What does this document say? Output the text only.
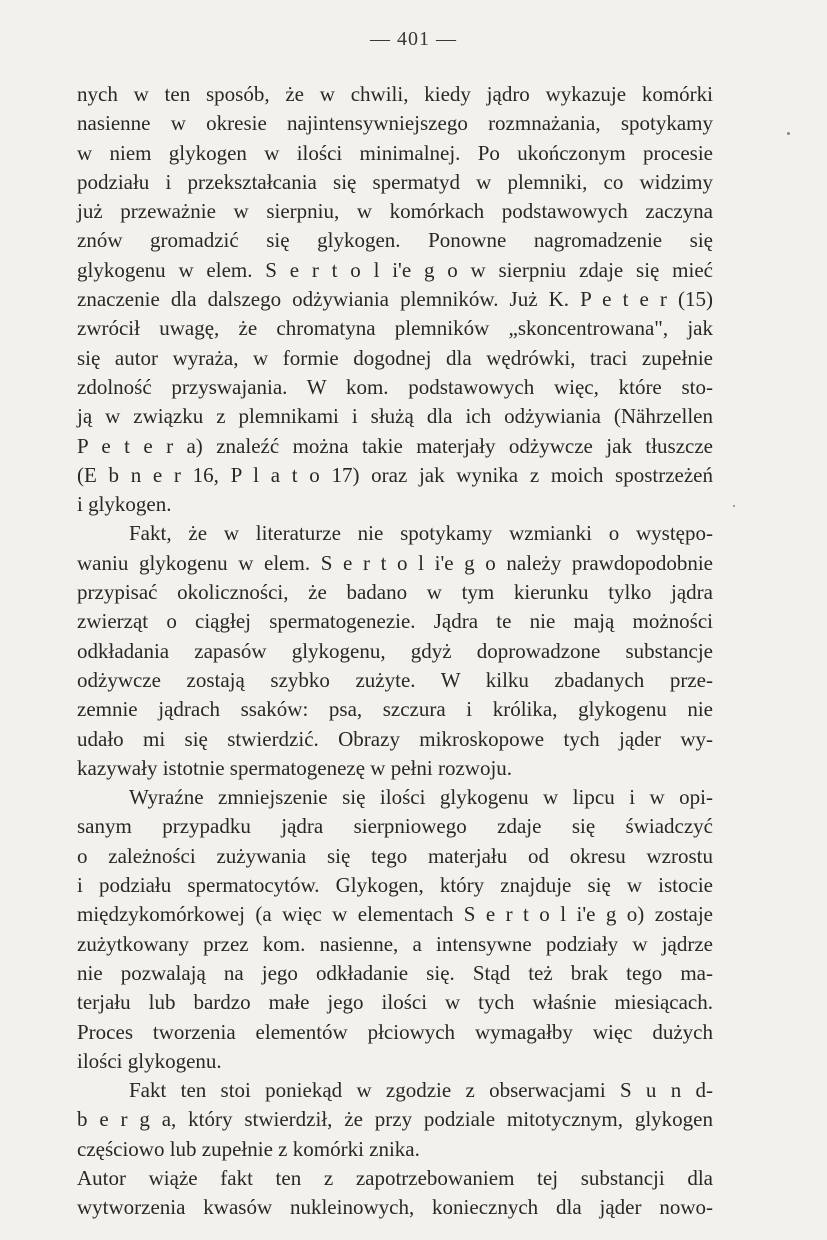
— 401 —
nych w ten sposób, że w chwili, kiedy jądro wykazuje komórki
nasienne w okresie najintensywniejszego rozmnażania, spotykamy
w niem glykogen w ilości minimalnej. Po ukończonym procesie
podziału i przekształcania się spermatyd w plemniki, co widzimy
już przeważnie w sierpniu, w komórkach podstawowych zaczyna
znów gromadzić się glykogen. Ponowne nagromadzenie się
glykogenu w elem. S e r t o l i'e g o w sierpniu zdaje się mieć
znaczenie dla dalszego odżywiania plemników. Już K. P e t e r (15)
zwrócił uwagę, że chromatyna plemników „skoncentrowana", jak
się autor wyraża, w formie dogodnej dla wędrówki, traci zupełnie
zdolność przyswajania. W kom. podstawowych więc, które sto-
ją w związku z plemnikami i służą dla ich odżywiania (Nährzellen
P e t e r a) znaleźć można takie materjały odżywcze jak tłuszcze
(E b n e r 16, P l a t o 17) oraz jak wynika z moich spostrzeżeń
i glykogen.
Fakt, że w literaturze nie spotykamy wzmianki o występo-
waniu glykogenu w elem. S e r t o l i'e g o należy prawdopodobnie
przypisać okoliczności, że badano w tym kierunku tylko jądra
zwierząt o ciągłej spermatogenezie. Jądra te nie mają możności
odkładania zapasów glykogenu, gdyż doprowadzone substancje
odżywcze zostają szybko zużyte. W kilku zbadanych prze-
zemnie jądrach ssaków: psa, szczura i królika, glykogenu nie
udało mi się stwierdzić. Obrazy mikroskopowe tych jąder wy-
kazywały istotnie spermatogenezę w pełni rozwoju.
Wyraźne zmniejszenie się ilości glykogenu w lipcu i w opi-
sanym przypadku jądra sierpniowego zdaje się świadczyć
o zależności zużywania się tego materjału od okresu wzrostu
i podziału spermatocytów. Glykogen, który znajduje się w istocie
międzykomórkowej (a więc w elementach S e r t o l i'e g o) zostaje
zużytkowany przez kom. nasienne, a intensywne podziały w jądrze
nie pozwalają na jego odkładanie się. Stąd też brak tego ma-
terjału lub bardzo małe jego ilości w tych właśnie miesiącach.
Proces tworzenia elementów płciowych wymagałby więc dużych
ilości glykogenu.
Fakt ten stoi poniekąd w zgodzie z obserwacjami S u n d-
b e r g a, który stwierdził, że przy podziale mitotycznym, glykogen
częściowo lub zupełnie z komórki znika.
Autor wiąże fakt ten z zapotrzebowaniem tej substancji dla
wytworzenia kwasów nukleinowych, koniecznych dla jąder nowo-
